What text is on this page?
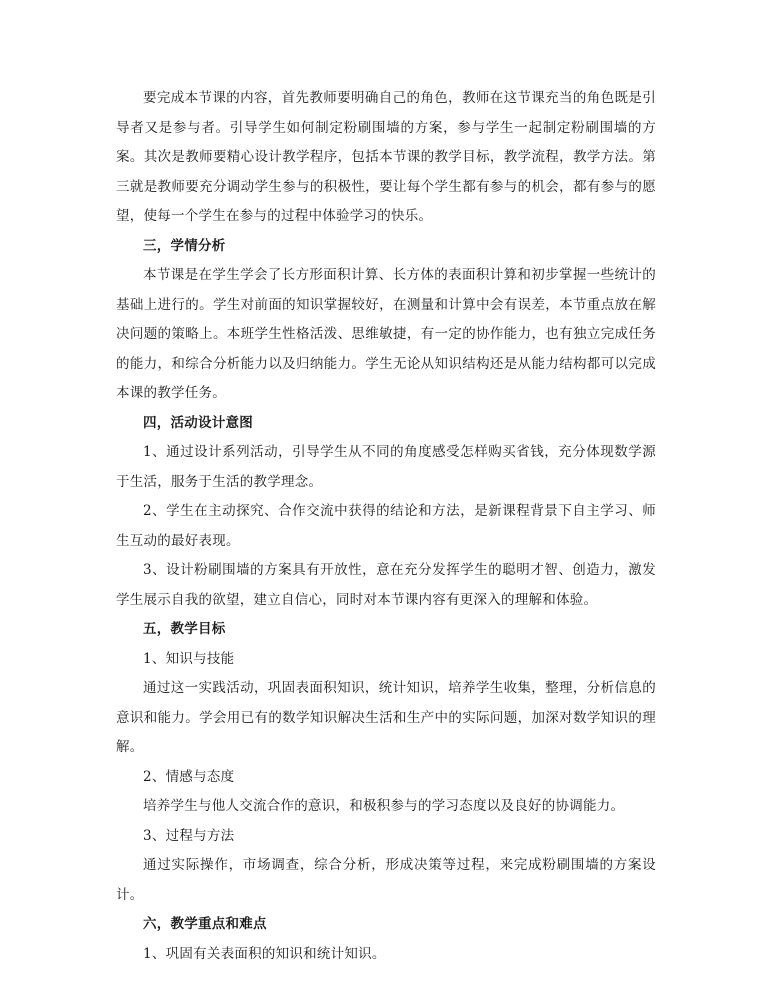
要完成本节课的内容，首先教师要明确自己的角色，教师在这节课充当的角色既是引导者又是参与者。引导学生如何制定粉刷围墙的方案，参与学生一起制定粉刷围墙的方案。其次是教师要精心设计教学程序，包括本节课的教学目标，教学流程，教学方法。第三就是教师要充分调动学生参与的积极性，要让每个学生都有参与的机会，都有参与的愿望，使每一个学生在参与的过程中体验学习的快乐。

三，学情分析

本节课是在学生学会了长方形面积计算、长方体的表面积计算和初步掌握一些统计的基础上进行的。学生对前面的知识掌握较好，在测量和计算中会有误差，本节重点放在解决问题的策略上。本班学生性格活泼、思维敏捷，有一定的协作能力，也有独立完成任务的能力，和综合分析能力以及归纳能力。学生无论从知识结构还是从能力结构都可以完成本课的教学任务。

四，活动设计意图

1、通过设计系列活动，引导学生从不同的角度感受怎样购买省钱，充分体现数学源于生活，服务于生活的教学理念。

2、学生在主动探究、合作交流中获得的结论和方法，是新课程背景下自主学习、师生互动的最好表现。

3、设计粉刷围墙的方案具有开放性，意在充分发挥学生的聪明才智、创造力，激发学生展示自我的欲望，建立自信心，同时对本节课内容有更深入的理解和体验。

五，教学目标

1、知识与技能

通过这一实践活动，巩固表面积知识，统计知识，培养学生收集，整理，分析信息的意识和能力。学会用已有的数学知识解决生活和生产中的实际问题，加深对数学知识的理解。

2、情感与态度

培养学生与他人交流合作的意识，和极积参与的学习态度以及良好的协调能力。

3、过程与方法

通过实际操作，市场调查，综合分析，形成决策等过程，来完成粉刷围墙的方案设计。

六，教学重点和难点

1、巩固有关表面积的知识和统计知识。
